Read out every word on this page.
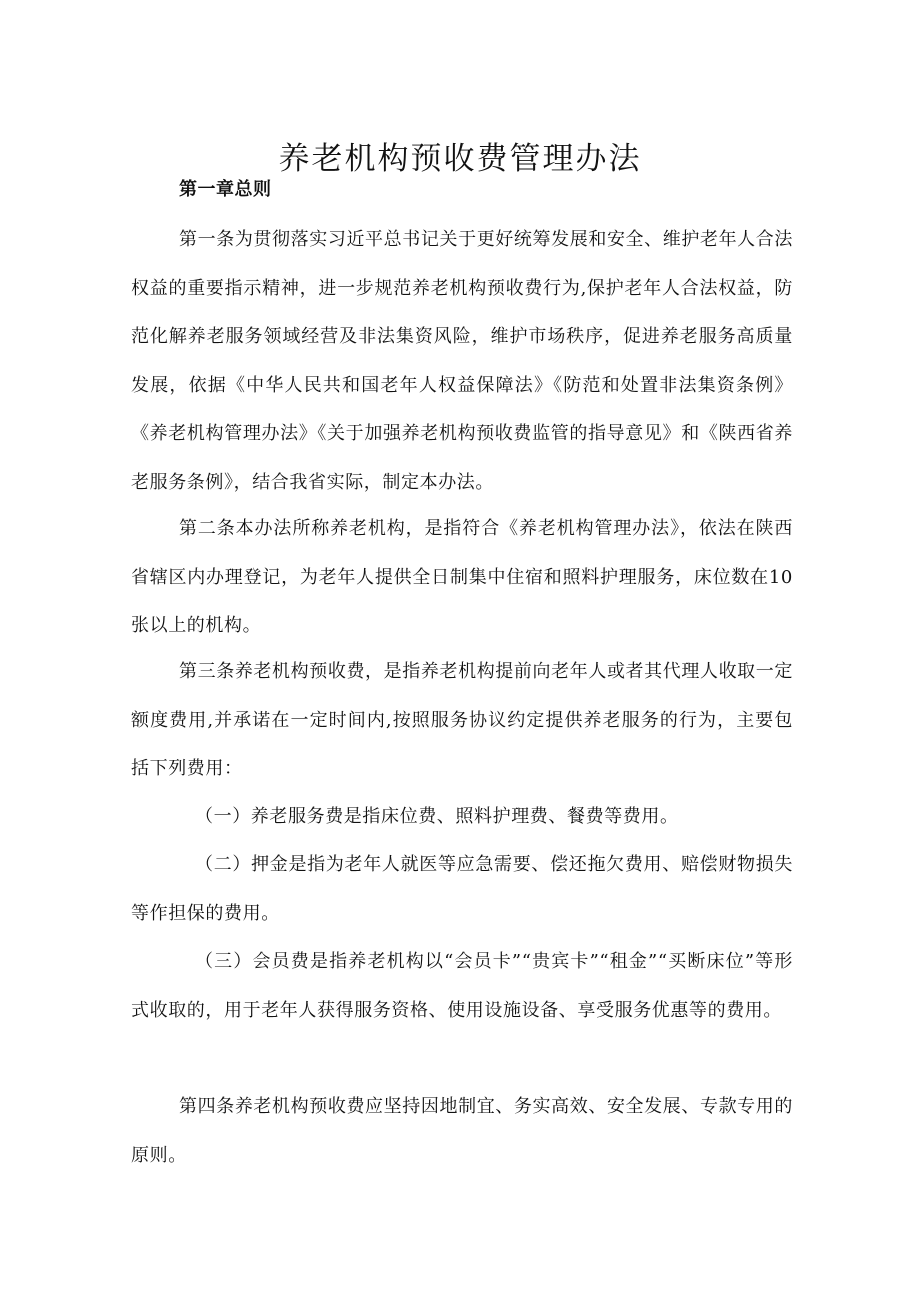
养老机构预收费管理办法
第一章总则

第一条为贯彻落实习近平总书记关于更好统筹发展和安全、维护老年人合法权益的重要指示精神，进一步规范养老机构预收费行为,保护老年人合法权益，防范化解养老服务领域经营及非法集资风险，维护市场秩序，促进养老服务高质量发展，依据《中华人民共和国老年人权益保障法》《防范和处置非法集资条例》《养老机构管理办法》《关于加强养老机构预收费监管的指导意见》和《陕西省养老服务条例》，结合我省实际，制定本办法。

第二条本办法所称养老机构，是指符合《养老机构管理办法》，依法在陕西省辖区内办理登记，为老年人提供全日制集中住宿和照料护理服务，床位数在10张以上的机构。

第三条养老机构预收费，是指养老机构提前向老年人或者其代理人收取一定额度费用,并承诺在一定时间内,按照服务协议约定提供养老服务的行为，主要包括下列费用：

（一）养老服务费是指床位费、照料护理费、餐费等费用。

（二）押金是指为老年人就医等应急需要、偿还拖欠费用、赔偿财物损失等作担保的费用。

（三）会员费是指养老机构以“会员卡”“贵宾卡”“租金”“买断床位”等形式收取的，用于老年人获得服务资格、使用设施设备、享受服务优惠等的费用。

第四条养老机构预收费应坚持因地制宜、务实高效、安全发展、专款专用的原则。
